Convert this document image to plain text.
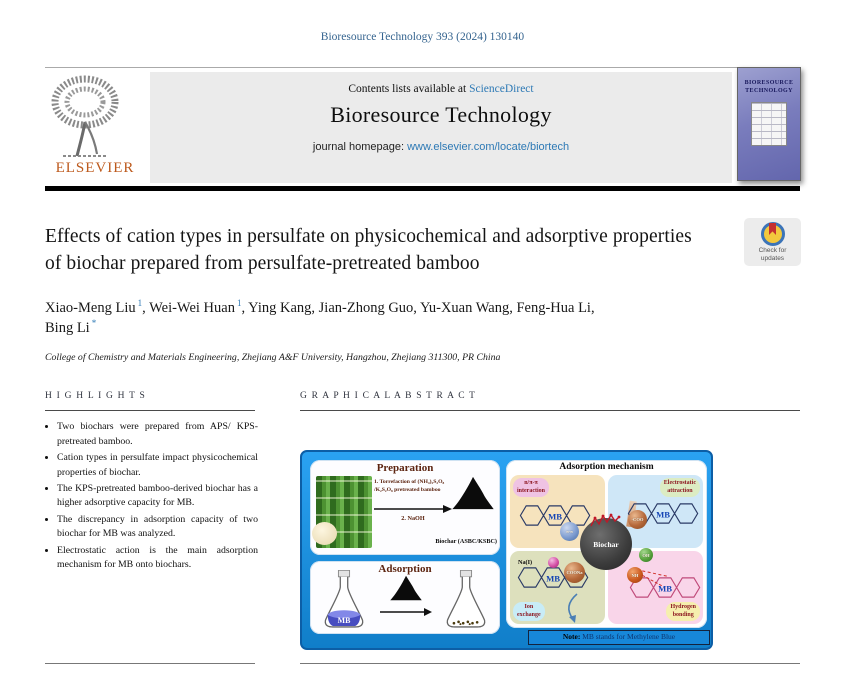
Bioresource Technology 393 (2024) 130140
ELSEVIER
Contents lists available at ScienceDirect
Bioresource Technology
journal homepage: www.elsevier.com/locate/biortech
BIORESOURCE
TECHNOLOGY
Effects of cation types in persulfate on physicochemical and adsorptive properties of biochar prepared from persulfate-pretreated bamboo
Check for
updates
Xiao-Meng Liu $^1$, Wei-Wei Huan $^1$, Ying Kang, Jian-Zhong Guo, Yu-Xuan Wang, Feng-Hua Li,
Bing Li *
College of Chemistry and Materials Engineering, Zhejiang A&F University, Hangzhou, Zhejiang 311300, PR China
H I G H L I G H T S
• Two biochars were prepared from APS/ KPS-pretreated bamboo.
• Cation types in persulfate impact physicochemical properties of biochar.
• The KPS-pretreated bamboo-derived biochar has a higher adsorptive capacity for MB.
• The discrepancy in adsorption capacity of two biochar for MB was analyzed.
• Electrostatic action is the main adsorption mechanism for MB onto biochars.
G R A P H I C A L A B S T R A C T
Preparation
1. Torrefaction of (NH₄)₂S₂O₈
/K₂S₂O₈ pretreated bamboo
2. NaOH
Biochar (ASBC/KSBC)
Adsorption
MB
Adsorption mechanism
n/π-π
interaction
MB
Electrostatic
attraction
MB
Ion
exchange
MB
Hydrogen
bonding
MB
Biochar
π-π
-COO
OH
NH
COONa
Na(I)
Note: MB stands for Methylene Blue
